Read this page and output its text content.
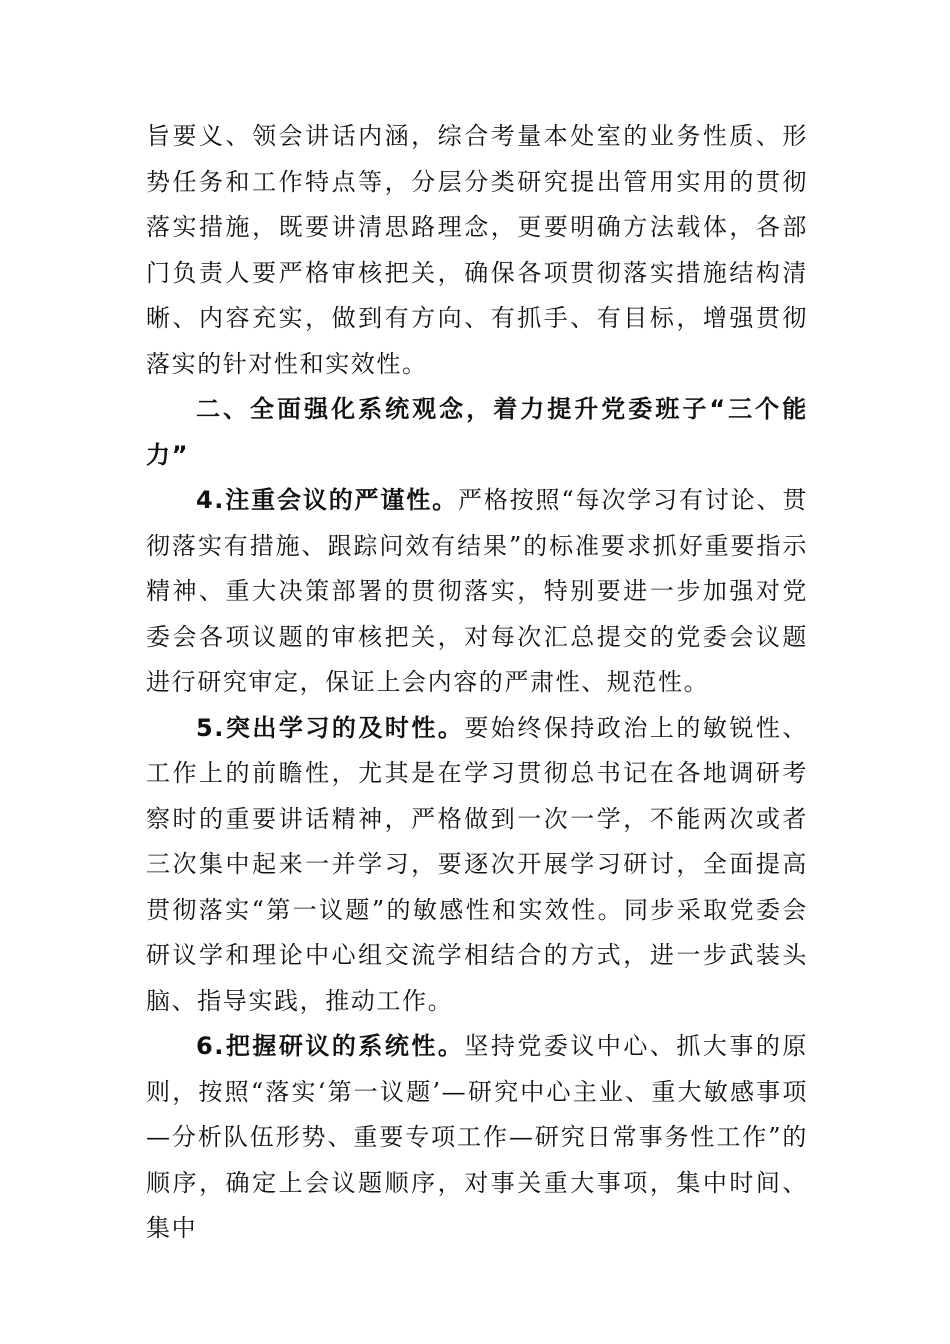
旨要义、领会讲话内涵，综合考量本处室的业务性质、形势任务和工作特点等，分层分类研究提出管用实用的贯彻落实措施，既要讲清思路理念，更要明确方法载体，各部门负责人要严格审核把关，确保各项贯彻落实措施结构清晰、内容充实，做到有方向、有抓手、有目标，增强贯彻落实的针对性和实效性。

二、全面强化系统观念，着力提升党委班子“三个能力”

4.注重会议的严谨性。严格按照“每次学习有讨论、贯彻落实有措施、跟踪问效有结果”的标准要求抓好重要指示精神、重大决策部署的贯彻落实，特别要进一步加强对党委会各项议题的审核把关，对每次汇总提交的党委会议题进行研究审定，保证上会内容的严肃性、规范性。

5.突出学习的及时性。要始终保持政治上的敏锐性、工作上的前瞻性，尤其是在学习贯彻总书记在各地调研考察时的重要讲话精神，严格做到一次一学，不能两次或者三次集中起来一并学习，要逐次开展学习研讨，全面提高贯彻落实“第一议题”的敏感性和实效性。同步采取党委会研议学和理论中心组交流学相结合的方式，进一步武装头脑、指导实践，推动工作。

6.把握研议的系统性。坚持党委议中心、抓大事的原则，按照“落实‘第一议题’—研究中心主业、重大敏感事项—分析队伍形势、重要专项工作—研究日常事务性工作”的顺序，确定上会议题顺序，对事关重大事项，集中时间、集中
